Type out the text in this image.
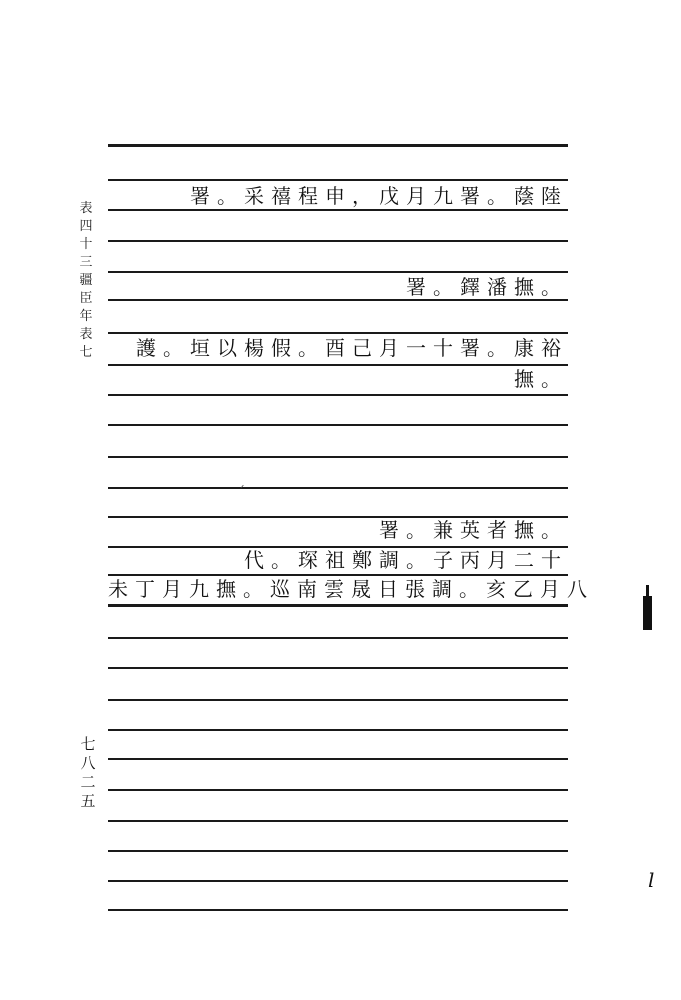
表
四
十
三
疆
臣
年
表
七
七
八
二
五
署。采禧程申，戊月九署。蔭陸
署。鐸潘撫。
護。垣以楊假。酉己月一十署。康裕
撫。
署。兼英者撫。
代。琛祖鄭調。子丙月二十
未丁月九撫。巡南雲晟日張調。亥乙月八
ᐟ
l
